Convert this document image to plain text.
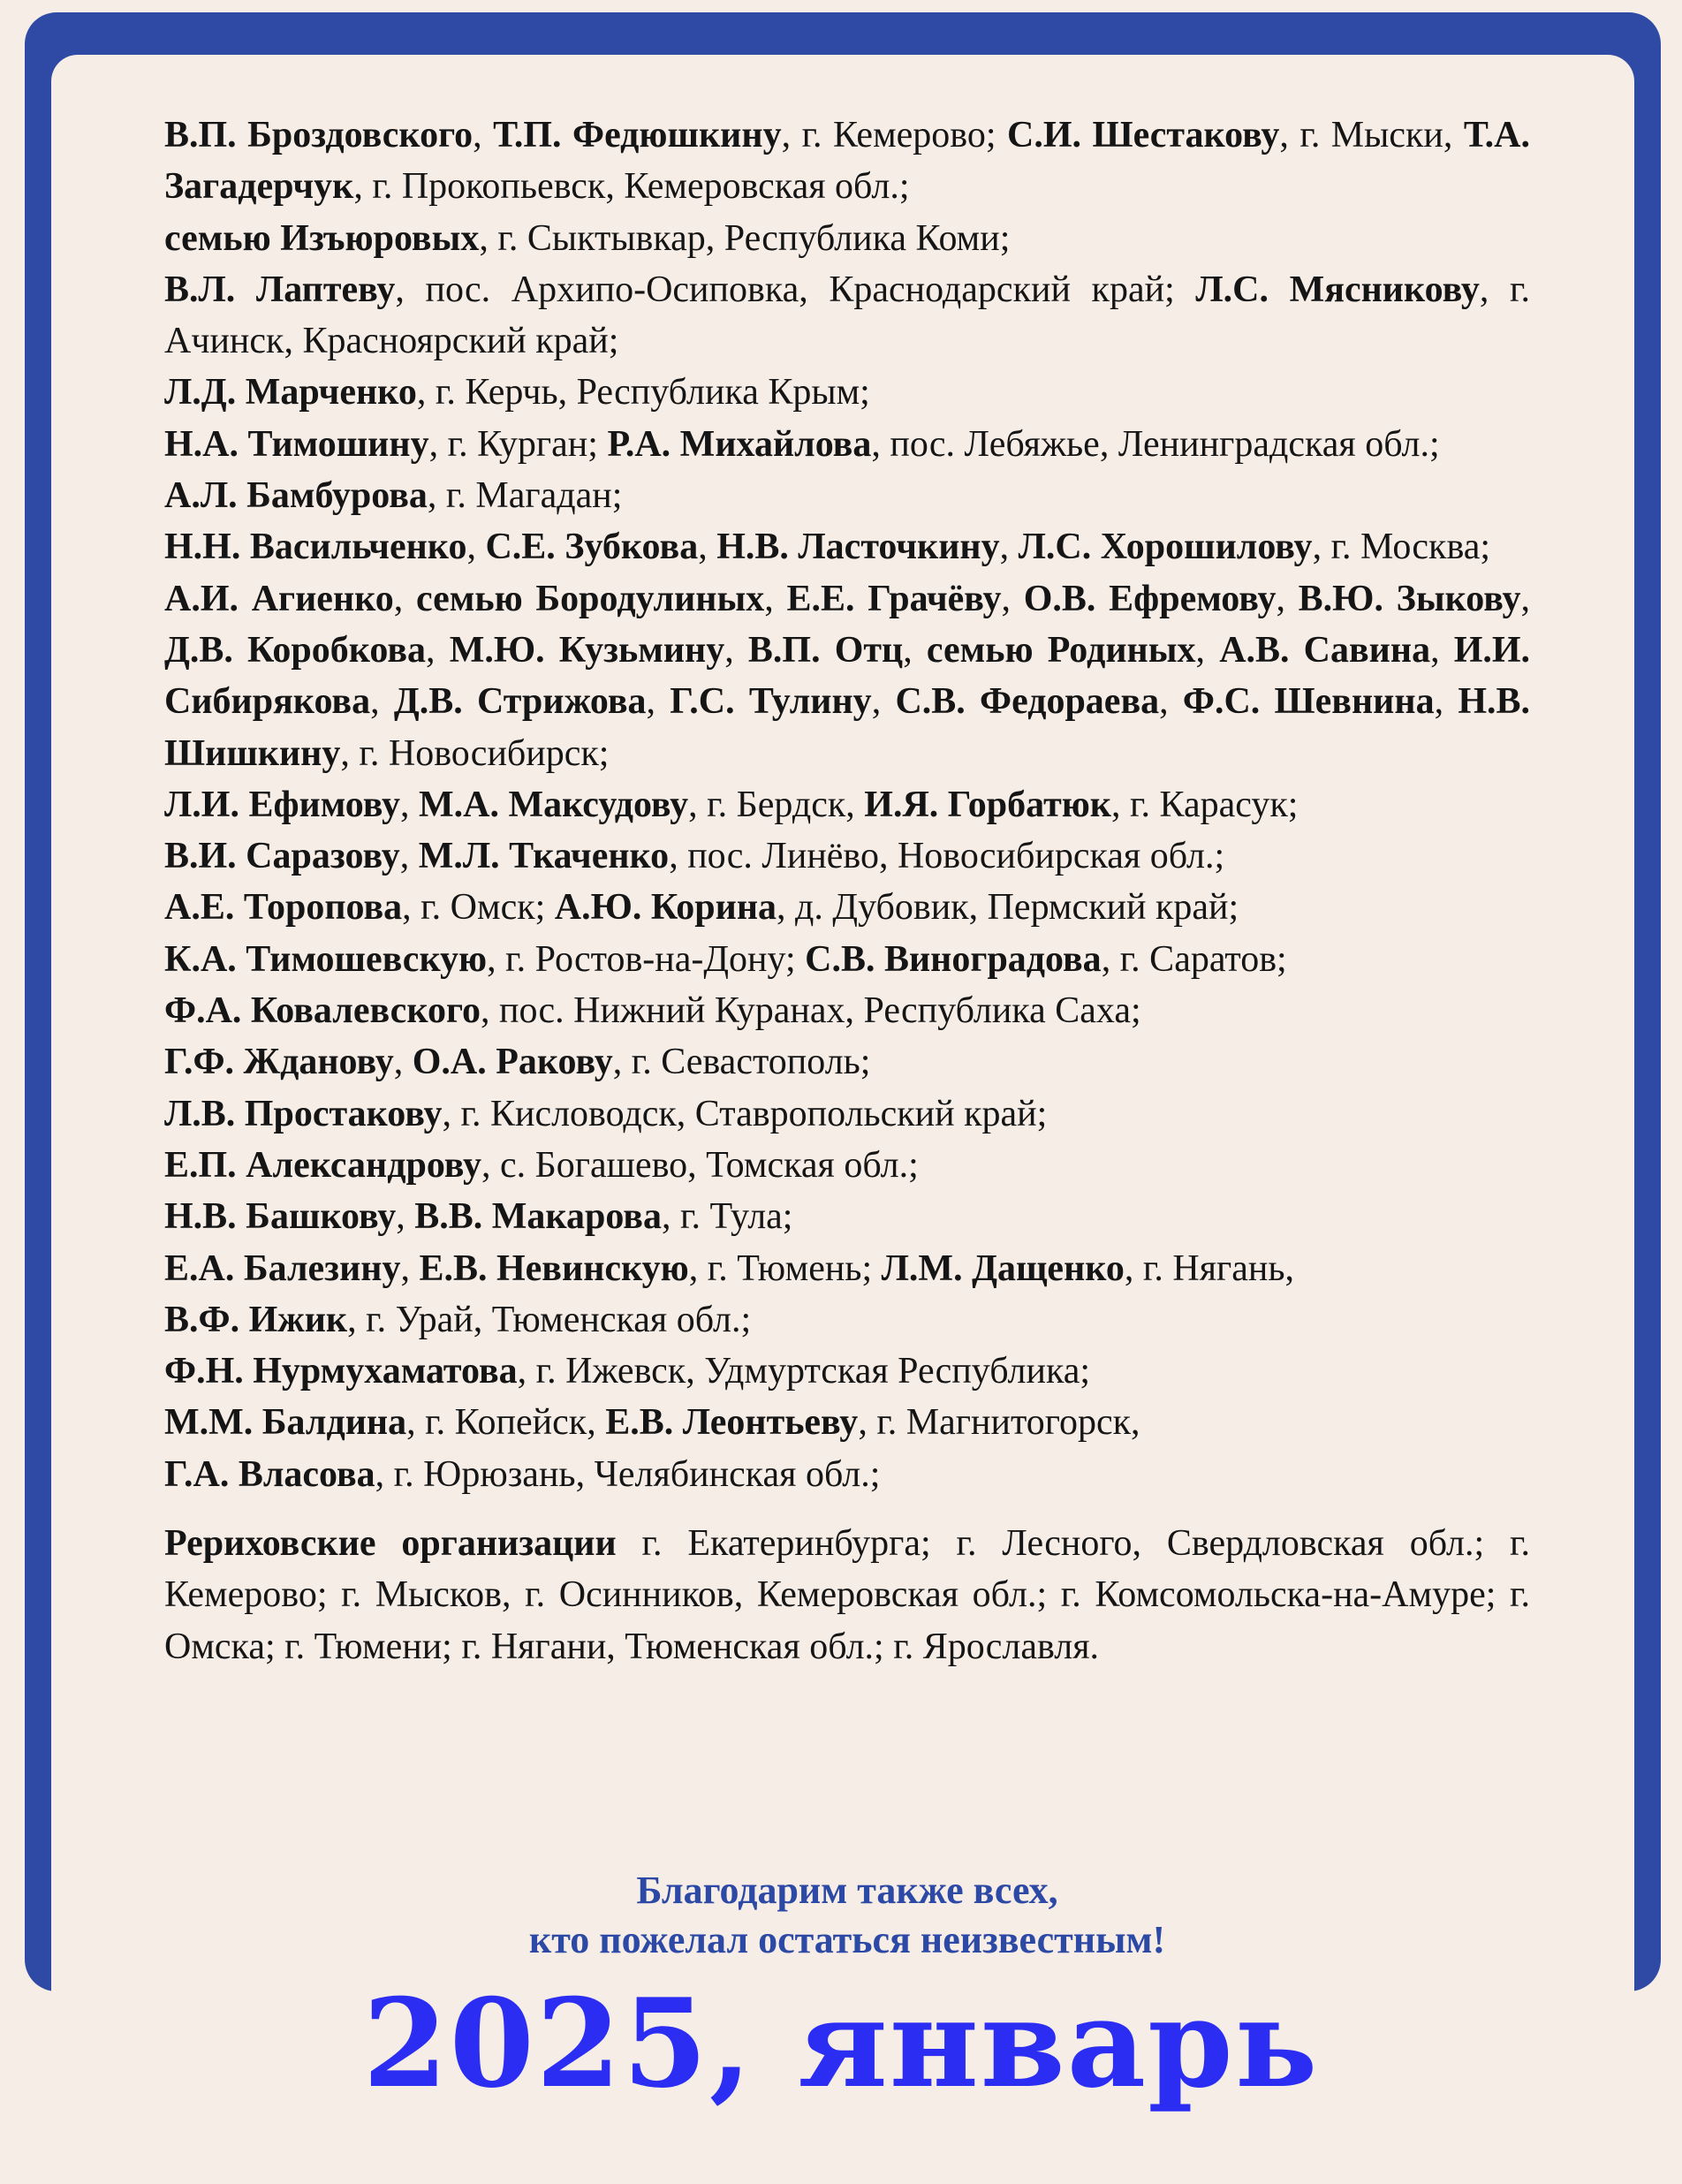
В.П. Броздовского, Т.П. Федюшкину, г. Кемерово; С.И. Шестакову, г. Мыски, Т.А. Загадерчук, г. Прокопьевск, Кемеровская обл.;
семью Изъюровых, г. Сыктывкар, Республика Коми;
В.Л. Лаптеву, пос. Архипо-Осиповка, Краснодарский край; Л.С. Мясникову, г. Ачинск, Красноярский край;
Л.Д. Марченко, г. Керчь, Республика Крым;
Н.А. Тимошину, г. Курган; Р.А. Михайлова, пос. Лебяжье, Ленинградская обл.;
А.Л. Бамбурова, г. Магадан;
Н.Н. Васильченко, С.Е. Зубкова, Н.В. Ласточкину, Л.С. Хорошилову, г. Москва;
А.И. Агиенко, семью Бородулиных, Е.Е. Грачёву, О.В. Ефремову, В.Ю. Зыкову, Д.В. Коробкова, М.Ю. Кузьмину, В.П. Отц, семью Родиных, А.В. Савина, И.И. Сибирякова, Д.В. Стрижова, Г.С. Тулину, С.В. Федораева, Ф.С. Шевнина, Н.В. Шишкину, г. Новосибирск;
Л.И. Ефимову, М.А. Максудову, г. Бердск, И.Я. Горбатюк, г. Карасук;
В.И. Саразову, М.Л. Ткаченко, пос. Линёво, Новосибирская обл.;
А.Е. Торопова, г. Омск; А.Ю. Корина, д. Дубовик, Пермский край;
К.А. Тимошевскую, г. Ростов-на-Дону; С.В. Виноградова, г. Саратов;
Ф.А. Ковалевского, пос. Нижний Куранах, Республика Саха;
Г.Ф. Жданову, О.А. Ракову, г. Севастополь;
Л.В. Простакову, г. Кисловодск, Ставропольский край;
Е.П. Александрову, с. Богашево, Томская обл.;
Н.В. Башкову, В.В. Макарова, г. Тула;
Е.А. Балезину, Е.В. Невинскую, г. Тюмень; Л.М. Дащенко, г. Нягань,
В.Ф. Ижик, г. Урай, Тюменская обл.;
Ф.Н. Нурмухаматова, г. Ижевск, Удмуртская Республика;
М.М. Балдина, г. Копейск, Е.В. Леонтьеву, г. Магнитогорск,
Г.А. Власова, г. Юрюзань, Челябинская обл.;
Рериховские организации г. Екатеринбурга; г. Лесного, Свердловская обл.; г. Кемерово; г. Мысков, г. Осинников, Кемеровская обл.; г. Комсомольска-на-Амуре; г. Омска; г. Тюмени; г. Нягани, Тюменская обл.; г. Ярославля.
Благодарим также всех,
кто пожелал остаться неизвестным!
2025, январь
